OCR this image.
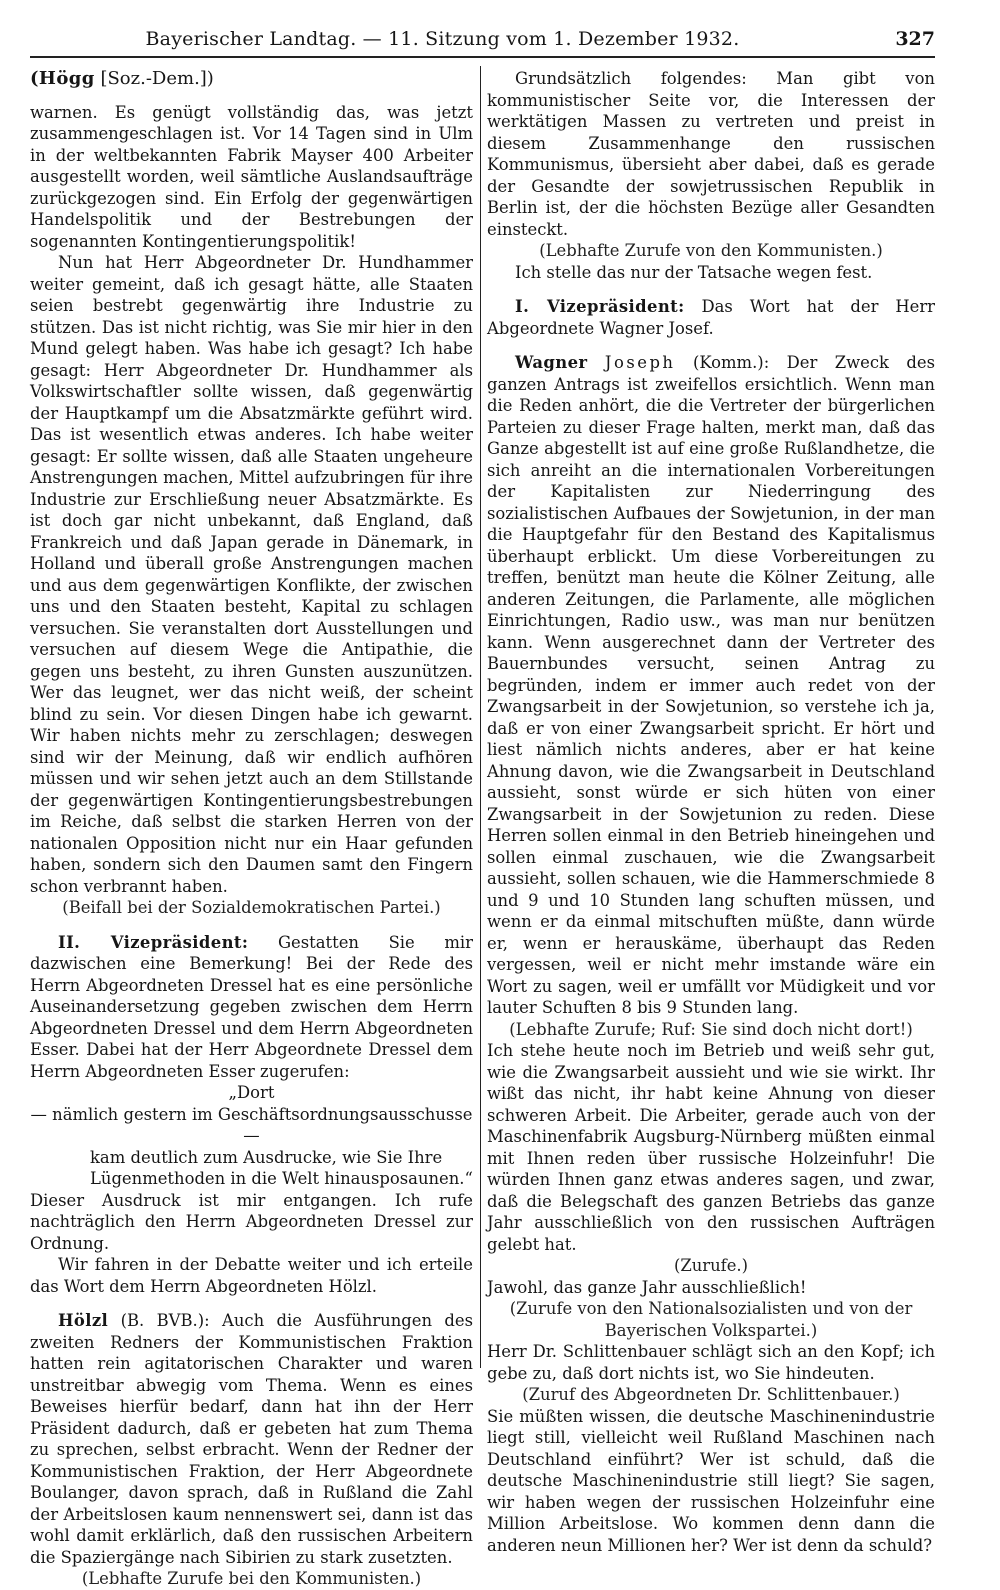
Bayerischer Landtag. — 11. Sitzung vom 1. Dezember 1932.	327

(Högg [Soz.-Dem.])

warnen. Es genügt vollständig das, was jetzt zusammengeschlagen ist. Vor 14 Tagen sind in Ulm in der weltbekannten Fabrik Mayser 400 Arbeiter ausgestellt worden, weil sämtliche Auslandsaufträge zurückgezogen sind. Ein Erfolg der gegenwärtigen Handelspolitik und der Bestrebungen der sogenannten Kontingentierungspolitik!

Nun hat Herr Abgeordneter Dr. Hundhammer weiter gemeint, daß ich gesagt hätte, alle Staaten seien bestrebt gegenwärtig ihre Industrie zu stützen. Das ist nicht richtig, was Sie mir hier in den Mund gelegt haben. Was habe ich gesagt? Ich habe gesagt: Herr Abgeordneter Dr. Hundhammer als Volkswirtschaftler sollte wissen, daß gegenwärtig der Hauptkampf um die Absatzmärkte geführt wird. Das ist wesentlich etwas anderes. Ich habe weiter gesagt: Er sollte wissen, daß alle Staaten ungeheure Anstrengungen machen, Mittel aufzubringen für ihre Industrie zur Erschließung neuer Absatzmärkte. Es ist doch gar nicht unbekannt, daß England, daß Frankreich und daß Japan gerade in Dänemark, in Holland und überall große Anstrengungen machen und aus dem gegenwärtigen Konflikte, der zwischen uns und den Staaten besteht, Kapital zu schlagen versuchen. Sie veranstalten dort Ausstellungen und versuchen auf diesem Wege die Antipathie, die gegen uns besteht, zu ihren Gunsten auszunützen. Wer das leugnet, wer das nicht weiß, der scheint blind zu sein. Vor diesen Dingen habe ich gewarnt. Wir haben nichts mehr zu zerschlagen; deswegen sind wir der Meinung, daß wir endlich aufhören müssen und wir sehen jetzt auch an dem Stillstande der gegenwärtigen Kontingentierungsbestrebungen im Reiche, daß selbst die starken Herren von der nationalen Opposition nicht nur ein Haar gefunden haben, sondern sich den Daumen samt den Fingern schon verbrannt haben.

(Beifall bei der Sozialdemokratischen Partei.)

II. Vizepräsident: Gestatten Sie mir dazwischen eine Bemerkung! Bei der Rede des Herrn Abgeordneten Dressel hat es eine persönliche Auseinandersetzung gegeben zwischen dem Herrn Abgeordneten Dressel und dem Herrn Abgeordneten Esser. Dabei hat der Herr Abgeordnete Dressel dem Herrn Abgeordneten Esser zugerufen:

„Dort

— nämlich gestern im Geschäftsordnungsausschusse —

kam deutlich zum Ausdrucke, wie Sie Ihre Lügenmethoden in die Welt hinausposaunen.“

Dieser Ausdruck ist mir entgangen. Ich rufe nachträglich den Herrn Abgeordneten Dressel zur Ordnung.

Wir fahren in der Debatte weiter und ich erteile das Wort dem Herrn Abgeordneten Hölzl.

Hölzl (B. BVB.): Auch die Ausführungen des zweiten Redners der Kommunistischen Fraktion hatten rein agitatorischen Charakter und waren unstreitbar abwegig vom Thema. Wenn es eines Beweises hierfür bedarf, dann hat ihn der Herr Präsident dadurch, daß er gebeten hat zum Thema zu sprechen, selbst erbracht. Wenn der Redner der Kommunistischen Fraktion, der Herr Abgeordnete Boulanger, davon sprach, daß in Rußland die Zahl der Arbeitslosen kaum nennenswert sei, dann ist das wohl damit erklärlich, daß den russischen Arbeitern die Spaziergänge nach Sibirien zu stark zusetzten.

(Lebhafte Zurufe bei den Kommunisten.)

Grundsätzlich folgendes: Man gibt von kommunistischer Seite vor, die Interessen der werktätigen Massen zu vertreten und preist in diesem Zusammenhange den russischen Kommunismus, übersieht aber dabei, daß es gerade der Gesandte der sowjetrussischen Republik in Berlin ist, der die höchsten Bezüge aller Gesandten einsteckt.

(Lebhafte Zurufe von den Kommunisten.)

Ich stelle das nur der Tatsache wegen fest.

I. Vizepräsident: Das Wort hat der Herr Abgeordnete Wagner Josef.

Wagner Joseph (Komm.): Der Zweck des ganzen Antrags ist zweifellos ersichtlich. Wenn man die Reden anhört, die die Vertreter der bürgerlichen Parteien zu dieser Frage halten, merkt man, daß das Ganze abgestellt ist auf eine große Rußlandhetze, die sich anreiht an die internationalen Vorbereitungen der Kapitalisten zur Niederringung des sozialistischen Aufbaues der Sowjetunion, in der man die Hauptgefahr für den Bestand des Kapitalismus überhaupt erblickt. Um diese Vorbereitungen zu treffen, benützt man heute die Kölner Zeitung, alle anderen Zeitungen, die Parlamente, alle möglichen Einrichtungen, Radio usw., was man nur benützen kann. Wenn ausgerechnet dann der Vertreter des Bauernbundes versucht, seinen Antrag zu begründen, indem er immer auch redet von der Zwangsarbeit in der Sowjetunion, so verstehe ich ja, daß er von einer Zwangsarbeit spricht. Er hört und liest nämlich nichts anderes, aber er hat keine Ahnung davon, wie die Zwangsarbeit in Deutschland aussieht, sonst würde er sich hüten von einer Zwangsarbeit in der Sowjetunion zu reden. Diese Herren sollen einmal in den Betrieb hineingehen und sollen einmal zuschauen, wie die Zwangsarbeit aussieht, sollen schauen, wie die Hammerschmiede 8 und 9 und 10 Stunden lang schuften müssen, und wenn er da einmal mitschuften müßte, dann würde er, wenn er herauskäme, überhaupt das Reden vergessen, weil er nicht mehr imstande wäre ein Wort zu sagen, weil er umfällt vor Müdigkeit und vor lauter Schuften 8 bis 9 Stunden lang.

(Lebhafte Zurufe; Ruf: Sie sind doch nicht dort!)

Ich stehe heute noch im Betrieb und weiß sehr gut, wie die Zwangsarbeit aussieht und wie sie wirkt. Ihr wißt das nicht, ihr habt keine Ahnung von dieser schweren Arbeit. Die Arbeiter, gerade auch von der Maschinenfabrik Augsburg-Nürnberg müßten einmal mit Ihnen reden über russische Holzeinfuhr! Die würden Ihnen ganz etwas anderes sagen, und zwar, daß die Belegschaft des ganzen Betriebs das ganze Jahr ausschließlich von den russischen Aufträgen gelebt hat.

(Zurufe.)

Jawohl, das ganze Jahr ausschließlich!

(Zurufe von den Nationalsozialisten und von der Bayerischen Volkspartei.)

Herr Dr. Schlittenbauer schlägt sich an den Kopf; ich gebe zu, daß dort nichts ist, wo Sie hindeuten.

(Zuruf des Abgeordneten Dr. Schlittenbauer.)

Sie müßten wissen, die deutsche Maschinenindustrie liegt still, vielleicht weil Rußland Maschinen nach Deutschland einführt? Wer ist schuld, daß die deutsche Maschinenindustrie still liegt? Sie sagen, wir haben wegen der russischen Holzeinfuhr eine Million Arbeitslose. Wo kommen denn dann die anderen neun Millionen her? Wer ist denn da schuld?
